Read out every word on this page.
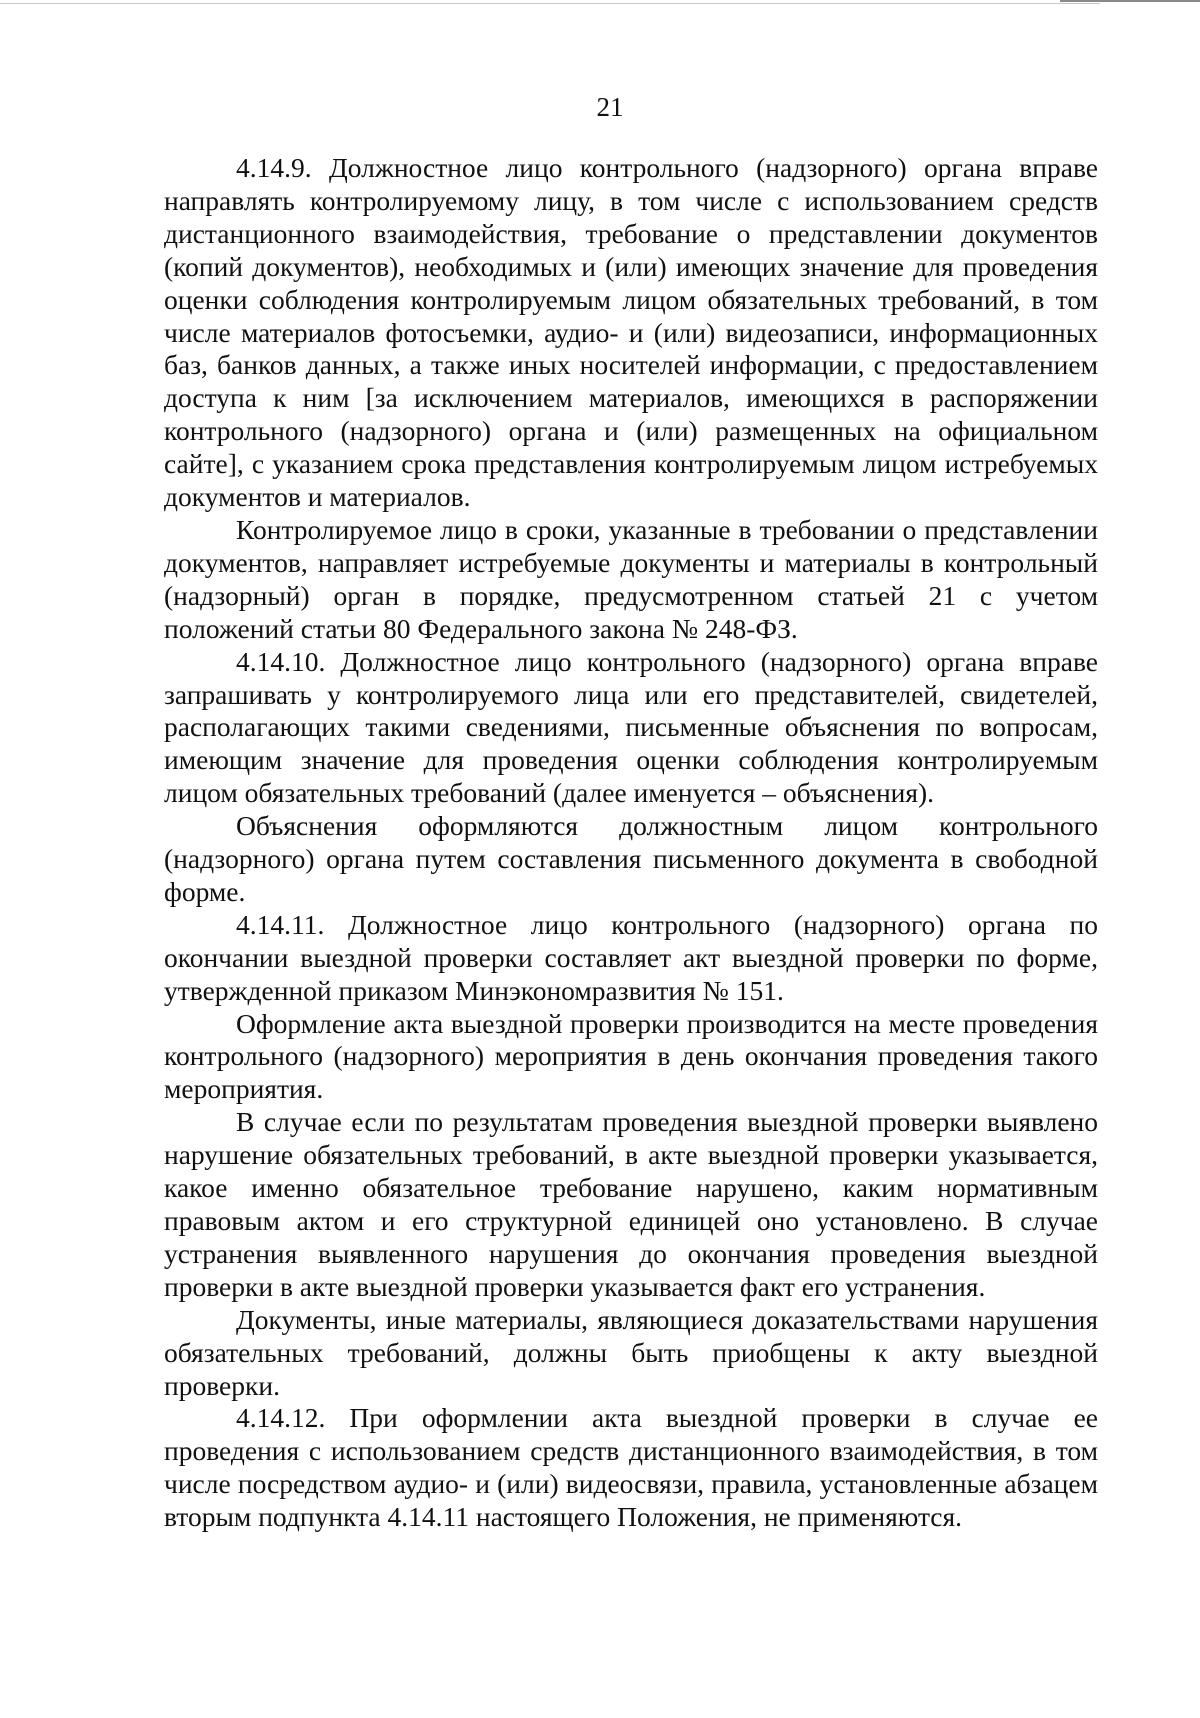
21

4.14.9. Должностное лицо контрольного (надзорного) органа вправе направлять контролируемому лицу, в том числе с использованием средств дистанционного взаимодействия, требование о представлении документов (копий документов), необходимых и (или) имеющих значение для проведения оценки соблюдения контролируемым лицом обязательных требований, в том числе материалов фотосъемки, аудио- и (или) видеозаписи, информационных баз, банков данных, а также иных носителей информации, с предоставлением доступа к ним [за исключением материалов, имеющихся в распоряжении контрольного (надзорного) органа и (или) размещенных на официальном сайте], с указанием срока представления контролируемым лицом истребуемых документов и материалов.

Контролируемое лицо в сроки, указанные в требовании о представлении документов, направляет истребуемые документы и материалы в контрольный (надзорный) орган в порядке, предусмотренном статьей 21 с учетом положений статьи 80 Федерального закона № 248-ФЗ.

4.14.10. Должностное лицо контрольного (надзорного) органа вправе запрашивать у контролируемого лица или его представителей, свидетелей, располагающих такими сведениями, письменные объяснения по вопросам, имеющим значение для проведения оценки соблюдения контролируемым лицом обязательных требований (далее именуется – объяснения).

Объяснения оформляются должностным лицом контрольного (надзорного) органа путем составления письменного документа в свободной форме.

4.14.11. Должностное лицо контрольного (надзорного) органа по окончании выездной проверки составляет акт выездной проверки по форме, утвержденной приказом Минэкономразвития № 151.

Оформление акта выездной проверки производится на месте проведения контрольного (надзорного) мероприятия в день окончания проведения такого мероприятия.

В случае если по результатам проведения выездной проверки выявлено нарушение обязательных требований, в акте выездной проверки указывается, какое именно обязательное требование нарушено, каким нормативным правовым актом и его структурной единицей оно установлено. В случае устранения выявленного нарушения до окончания проведения выездной проверки в акте выездной проверки указывается факт его устранения.

Документы, иные материалы, являющиеся доказательствами нарушения обязательных требований, должны быть приобщены к акту выездной проверки.

4.14.12. При оформлении акта выездной проверки в случае ее проведения с использованием средств дистанционного взаимодействия, в том числе посредством аудио- и (или) видеосвязи, правила, установленные абзацем вторым подпункта 4.14.11 настоящего Положения, не применяются.
